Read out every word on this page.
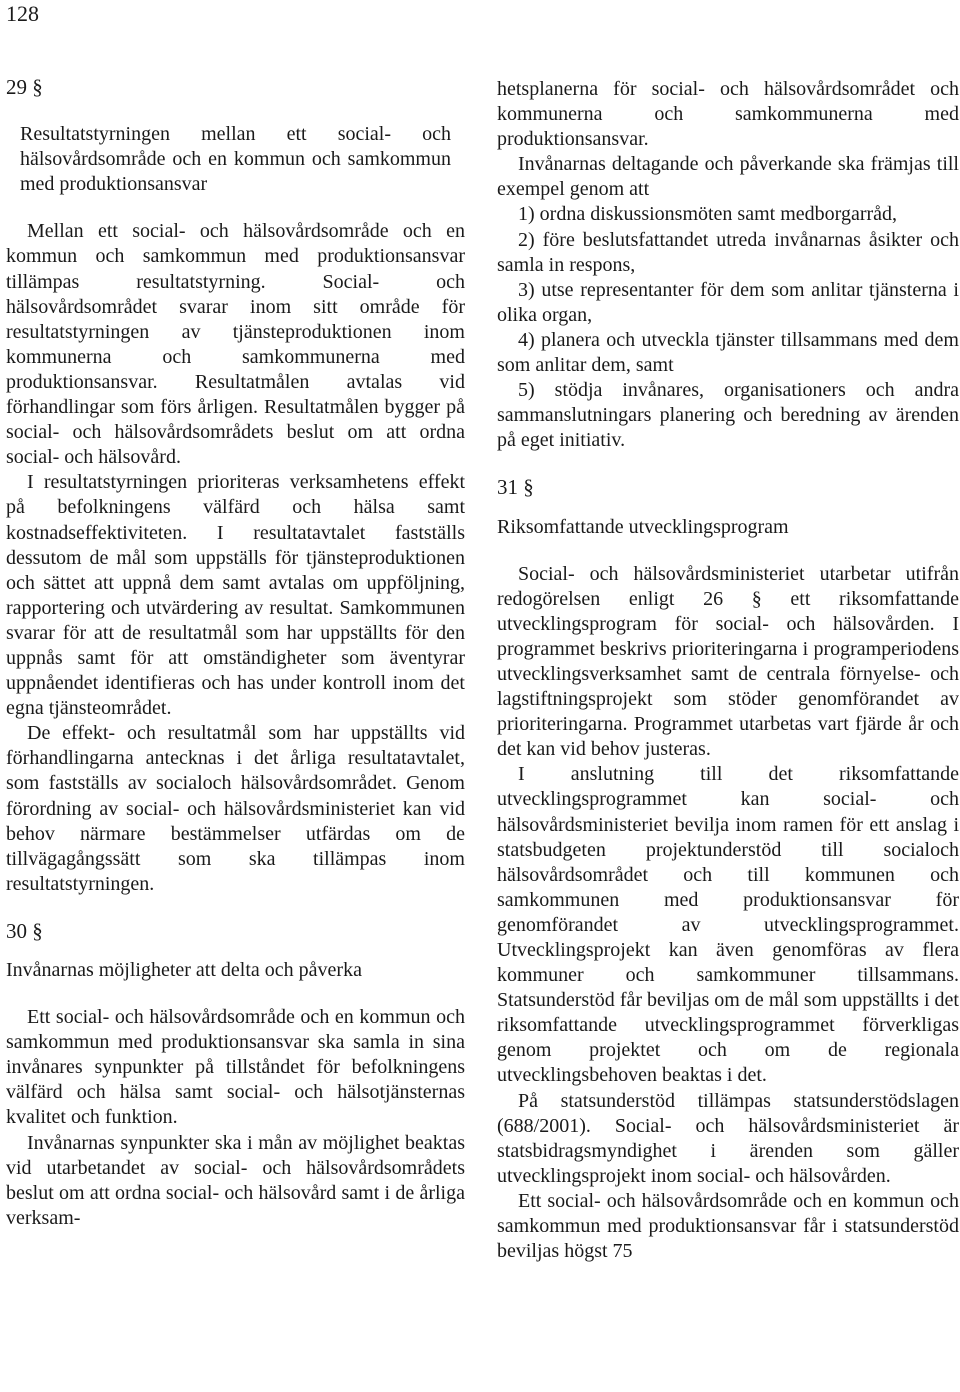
128

29 §

Resultatstyrningen mellan ett social- och hälsovårdsområde och en kommun och samkommun med produktionsansvar

Mellan ett social- och hälsovårdsområde och en kommun och samkommun med produktionsansvar tillämpas resultatstyrning. Social- och hälsovårdsområdet svarar inom sitt område för resultatstyrningen av tjänsteproduktionen inom kommunerna och samkommunerna med produktionsansvar. Resultatmålen avtalas vid förhandlingar som förs årligen. Resultatmålen bygger på social- och hälsovårdsområdets beslut om att ordna social- och hälsovård.

I resultatstyrningen prioriteras verksamhetens effekt på befolkningens välfärd och hälsa samt kostnadseffektiviteten. I resultatavtalet fastställs dessutom de mål som uppställs för tjänsteproduktionen och sättet att uppnå dem samt avtalas om uppföljning, rapportering och utvärdering av resultat. Samkommunen svarar för att de resultatmål som har uppställts för den uppnås samt för att omständigheter som äventyrar uppnåendet identifieras och has under kontroll inom det egna tjänsteområdet.

De effekt- och resultatmål som har uppställts vid förhandlingarna antecknas i det årliga resultatavtalet, som fastställs av socialoch hälsovårdsområdet. Genom förordning av social- och hälsovårdsministeriet kan vid behov närmare bestämmelser utfärdas om de tillvägagångssätt som ska tillämpas inom resultatstyrningen.

30 §

Invånarnas möjligheter att delta och påverka

Ett social- och hälsovårdsområde och en kommun och samkommun med produktionsansvar ska samla in sina invånares synpunkter på tillståndet för befolkningens välfärd och hälsa samt social- och hälsotjänsternas kvalitet och funktion.

Invånarnas synpunkter ska i mån av möjlighet beaktas vid utarbetandet av social- och hälsovårdsområdets beslut om att ordna social- och hälsovård samt i de årliga verksam-

hetsplanerna för social- och hälsovårdsområdet och kommunerna och samkommunerna med produktionsansvar.

Invånarnas deltagande och påverkande ska främjas till exempel genom att

1) ordna diskussionsmöten samt medborgarråd,

2) före beslutsfattandet utreda invånarnas åsikter och samla in respons,

3) utse representanter för dem som anlitar tjänsterna i olika organ,

4) planera och utveckla tjänster tillsammans med dem som anlitar dem, samt

5) stödja invånares, organisationers och andra sammanslutningars planering och beredning av ärenden på eget initiativ.

31 §

Riksomfattande utvecklingsprogram

Social- och hälsovårdsministeriet utarbetar utifrån redogörelsen enligt 26 § ett riksomfattande utvecklingsprogram för social- och hälsovården. I programmet beskrivs prioriteringarna i programperiodens utvecklingsverksamhet samt de centrala förnyelse- och lagstiftningsprojekt som stöder genomförandet av prioriteringarna. Programmet utarbetas vart fjärde år och det kan vid behov justeras.

I anslutning till det riksomfattande utvecklingsprogrammet kan social- och hälsovårdsministeriet bevilja inom ramen för ett anslag i statsbudgeten projektunderstöd till socialoch hälsovårdsområdet och till kommunen och samkommunen med produktionsansvar för genomförandet av utvecklingsprogrammet. Utvecklingsprojekt kan även genomföras av flera kommuner och samkommuner tillsammans. Statsunderstöd får beviljas om de mål som uppställts i det riksomfattande utvecklingsprogrammet förverkligas genom projektet och om de regionala utvecklingsbehoven beaktas i det.

På statsunderstöd tillämpas statsunderstödslagen (688/2001). Social- och hälsovårdsministeriet är statsbidragsmyndighet i ärenden som gäller utvecklingsprojekt inom social- och hälsovården.

Ett social- och hälsovårdsområde och en kommun och samkommun med produktionsansvar får i statsunderstöd beviljas högst 75
